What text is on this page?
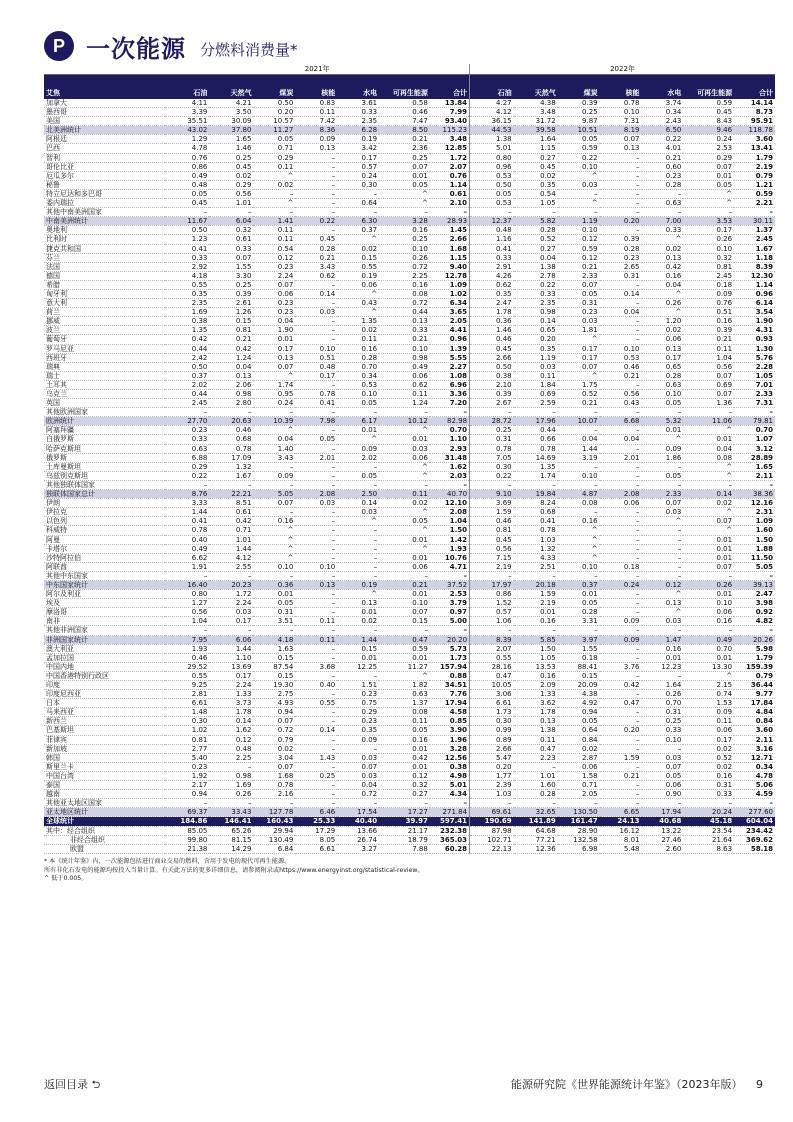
P 一次能源 分燃料消费量*
	2021年							2022年						
艾焦	石油	天然气	煤炭	核能	水电	可再生能源	合计	石油	天然气	煤炭	核能	水电	可再生能源	合计
加拿大	4.11	4.21	0.50	0.83	3.61	0.58	13.84	4.27	4.38	0.39	0.78	3.74	0.59	14.14
墨西哥	3.39	3.50	0.20	0.11	0.33	0.46	7.99	4.12	3.48	0.25	0.10	0.34	0.45	8.73
美国	35.51	30.09	10.57	7.42	2.35	7.47	93.40	36.15	31.72	9.87	7.31	2.43	8.43	95.91
北美洲统计	43.02	37.80	11.27	8.36	6.28	8.50	115.23	44.53	39.58	10.51	8.19	6.50	9.46	118.78
阿根廷	1.29	1.65	0.05	0.09	0.19	0.21	3.48	1.38	1.64	0.05	0.07	0.22	0.24	3.60
巴西	4.78	1.46	0.71	0.13	3.42	2.36	12.85	5.01	1.15	0.59	0.13	4.01	2.53	13.41
智利	0.76	0.25	0.29	–	0.17	0.25	1.72	0.80	0.27	0.22	–	0.21	0.29	1.79
哥伦比亚	0.86	0.45	0.11	–	0.57	0.07	2.07	0.96	0.45	0.10	–	0.60	0.07	2.19
厄瓜多尔	0.49	0.02	^	–	0.24	0.01	0.76	0.53	0.02	^	–	0.23	0.01	0.79
秘鲁	0.48	0.29	0.02	–	0.30	0.05	1.14	0.50	0.35	0.03	–	0.28	0.05	1.21
特立尼达和多巴哥	0.05	0.56	–	–	–	^	0.61	0.05	0.54	–	–	–	^	0.59
委内瑞拉	0.45	1.01	^	–	0.64	^	2.10	0.53	1.05	^	–	0.63	^	2.21
其他中南美洲国家	–	–	–	–	–	–	–	–	–	–	–	–	–	–
中南美洲统计	11.67	6.04	1.41	0.22	6.30	3.28	28.93	12.37	5.82	1.19	0.20	7.00	3.53	30.11
奥地利	0.50	0.32	0.11	–	0.37	0.16	1.45	0.48	0.28	0.10	–	0.33	0.17	1.37
比利时	1.23	0.61	0.11	0.45	^	0.25	2.66	1.16	0.52	0.12	0.39	^	0.26	2.45
捷克共和国	0.41	0.33	0.54	0.28	0.02	0.10	1.68	0.41	0.27	0.59	0.28	0.02	0.10	1.67
芬兰	0.33	0.07	0.12	0.21	0.15	0.26	1.15	0.33	0.04	0.12	0.23	0.13	0.32	1.18
法国	2.92	1.55	0.23	3.43	0.55	0.72	9.40	2.91	1.38	0.21	2.65	0.42	0.81	8.39
德国	4.18	3.30	2.24	0.62	0.19	2.25	12.78	4.26	2.78	2.33	0.31	0.16	2.45	12.30
希腊	0.55	0.25	0.07	–	0.06	0.16	1.09	0.62	0.22	0.07	–	0.04	0.18	1.14
匈牙利	0.35	0.39	0.06	0.14	^	0.08	1.02	0.35	0.33	0.05	0.14	^	0.09	0.96
意大利	2.35	2.61	0.23	–	0.43	0.72	6.34	2.47	2.35	0.31	–	0.26	0.76	6.14
荷兰	1.69	1.26	0.23	0.03	^	0.44	3.65	1.78	0.98	0.23	0.04	^	0.51	3.54
挪威	0.38	0.15	0.04	–	1.35	0.13	2.05	0.36	0.14	0.03	–	1.20	0.16	1.90
波兰	1.35	0.81	1.90	–	0.02	0.33	4.41	1.46	0.65	1.81	–	0.02	0.39	4.31
葡萄牙	0.42	0.21	0.01	–	0.11	0.21	0.96	0.46	0.20	^	–	0.06	0.21	0.93
罗马尼亚	0.44	0.42	0.17	0.10	0.16	0.10	1.39	0.45	0.35	0.17	0.10	0.13	0.11	1.30
西班牙	2.42	1.24	0.13	0.51	0.28	0.98	5.55	2.66	1.19	0.17	0.53	0.17	1.04	5.76
瑞典	0.50	0.04	0.07	0.48	0.70	0.49	2.27	0.50	0.03	0.07	0.46	0.65	0.56	2.28
瑞士	0.37	0.13	^	0.17	0.34	0.06	1.08	0.38	0.11	^	0.21	0.28	0.07	1.05
土耳其	2.02	2.06	1.74	–	0.53	0.62	6.96	2.10	1.84	1.75	–	0.63	0.69	7.01
乌克兰	0.44	0.98	0.95	0.78	0.10	0.11	3.36	0.39	0.69	0.52	0.56	0.10	0.07	2.33
英国	2.45	2.80	0.24	0.41	0.05	1.24	7.20	2.67	2.59	0.21	0.43	0.05	1.36	7.31
其他欧洲国家	–	–	–	–	–	–	–	–	–	–	–	–	–	–
欧洲统计	27.70	20.63	10.39	7.98	6.17	10.12	82.98	28.72	17.96	10.07	6.68	5.32	11.06	79.81
阿塞拜疆	0.23	0.46	^	–	0.01	^	0.70	0.25	0.44	–	–	0.01	^	0.70
白俄罗斯	0.33	0.68	0.04	0.05	^	0.01	1.10	0.31	0.66	0.04	0.04	^	0.01	1.07
哈萨克斯坦	0.63	0.78	1.40	–	0.09	0.03	2.93	0.78	0.78	1.44	–	0.09	0.04	3.12
俄罗斯	6.88	17.09	3.43	2.01	2.02	0.06	31.48	7.05	14.69	3.19	2.01	1.86	0.08	28.89
土库曼斯坦	0.29	1.32	–	–	–	^	1.62	0.30	1.35	–	–	–	^	1.65
乌兹别克斯坦	0.22	1.67	0.09	–	0.05	^	2.03	0.22	1.74	0.10	–	0.05	^	2.11
其他独联体国家	–	–	–	–	–	–	–	–	–	–	–	–	–	–
独联体国家总计	8.76	22.21	5.05	2.08	2.50	0.11	40.70	9.10	19.84	4.87	2.08	2.33	0.14	38.36
伊朗	3.33	8.51	0.07	0.03	0.14	0.02	12.10	3.69	8.24	0.08	0.06	0.07	0.02	12.16
伊拉克	1.44	0.61	–	–	0.03	^	2.08	1.59	0.68	–	–	0.03	^	2.31
以色列	0.41	0.42	0.16	–	^	0.05	1.04	0.46	0.41	0.16	–	^	0.07	1.09
科威特	0.78	0.71	^	–	–	^	1.50	0.81	0.78	^	–	–	^	1.60
阿曼	0.40	1.01	^	–	–	0.01	1.42	0.45	1.03	^	–	–	0.01	1.50
卡塔尔	0.49	1.44	^	–	–	^	1.93	0.56	1.32	^	–	–	0.01	1.88
沙特阿拉伯	6.62	4.12	^	–	–	0.01	10.76	7.15	4.33	^	–	–	0.01	11.50
阿联酋	1.91	2.55	0.10	0.10	–	0.06	4.71	2.19	2.51	0.10	0.18	–	0.07	5.05
其他中东国家	–	–	–	–	–	–	–	–	–	–	–	–	–	–
中东国家统计	16.40	20.23	0.36	0.13	0.19	0.21	37.52	17.97	20.18	0.37	0.24	0.12	0.26	39.13
阿尔及利亚	0.80	1.72	0.01	–	^	0.01	2.53	0.86	1.59	0.01	–	^	0.01	2.47
埃及	1.27	2.24	0.05	–	0.13	0.10	3.79	1.52	2.19	0.05	–	0.13	0.10	3.98
摩洛哥	0.56	0.03	0.31	–	0.01	0.07	0.97	0.57	0.01	0.28	–	^	0.06	0.92
南非	1.04	0.17	3.51	0.11	0.02	0.15	5.00	1.06	0.16	3.31	0.09	0.03	0.16	4.82
其他非洲国家	–	–	–	–	–	–	–	–	–	–	–	–	–	–
非洲国家统计	7.95	6.06	4.18	0.11	1.44	0.47	20.20	8.39	5.85	3.97	0.09	1.47	0.49	20.26
澳大利亚	1.93	1.44	1.63	–	0.15	0.59	5.73	2.07	1.50	1.55	–	0.16	0.70	5.98
孟加拉国	0.46	1.10	0.15	–	0.01	0.01	1.73	0.55	1.05	0.18	–	0.01	0.01	1.79
中国内地	29.52	13.69	87.54	3.68	12.25	11.27	157.94	28.16	13.53	88.41	3.76	12.23	13.30	159.39
中国香港特别行政区	0.55	0.17	0.15	–	–	^	0.88	0.47	0.16	0.15	–	–	^	0.79
印度	9.25	2.24	19.30	0.40	1.51	1.82	34.51	10.05	2.09	20.09	0.42	1.64	2.15	36.44
印度尼西亚	2.81	1.33	2.75	–	0.23	0.63	7.76	3.06	1.33	4.38	–	0.26	0.74	9.77
日本	6.61	3.73	4.93	0.55	0.75	1.37	17.94	6.61	3.62	4.92	0.47	0.70	1.53	17.84
马来西亚	1.48	1.78	0.94	–	0.29	0.08	4.58	1.73	1.78	0.94	–	0.31	0.09	4.84
新西兰	0.30	0.14	0.07	–	0.23	0.11	0.85	0.30	0.13	0.05	–	0.25	0.11	0.84
巴基斯坦	1.02	1.62	0.72	0.14	0.35	0.05	3.90	0.99	1.38	0.64	0.20	0.33	0.06	3.60
菲律宾	0.81	0.12	0.79	–	0.09	0.16	1.96	0.89	0.11	0.84	–	0.10	0.17	2.11
新加坡	2.77	0.48	0.02	–	–	0.01	3.28	2.66	0.47	0.02	–	–	0.02	3.16
韩国	5.40	2.25	3.04	1.43	0.03	0.42	12.56	5.47	2.23	2.87	1.59	0.03	0.52	12.71
斯里兰卡	0.23	–	0.07	–	0.07	0.01	0.38	0.20	–	0.06	–	0.07	0.02	0.34
中国台湾	1.92	0.98	1.68	0.25	0.03	0.12	4.98	1.77	1.01	1.58	0.21	0.05	0.16	4.78
泰国	2.17	1.69	0.78	–	0.04	0.32	5.01	2.39	1.60	0.71	–	0.06	0.31	5.06
越南	0.94	0.26	2.16	–	0.72	0.27	4.34	1.03	0.28	2.05	–	0.90	0.33	4.59
其他亚太地区国家	–	–	–	–	–	–	–	–	–	–	–	–	–	–
亚太地区统计	69.37	33.43	127.78	6.46	17.54	17.27	271.84	69.61	32.65	130.50	6.65	17.94	20.24	277.60
全球统计	184.86	146.41	160.43	25.33	40.40	39.97	597.41	190.69	141.89	161.47	24.13	40.68	45.18	604.04
其中：经合组织	85.05	65.26	29.94	17.29	13.66	21.17	232.38	87.98	64.68	28.90	16.12	13.22	23.54	234.42
非经合组织	99.80	81.15	130.49	8.05	26.74	18.79	365.03	102.71	77.21	132.58	8.01	27.46	21.64	369.62
欧盟	21.38	14.29	6.84	6.61	3.27	7.88	60.28	22.13	12.36	6.98	5.48	2.60	8.63	58.18
* 本《统计年鉴》内，一次能源包括进行商业交易的燃料，含用于发电的现代可再生能源。
所有非化石发电的能源均按投入当量计算。有关此方法的更多详细信息，请参阅附录或https://www.energyinst.org/statistical-review。
^ 低于0.005。
返回目录 ⮌	能源研究院《世界能源统计年鉴》（2023年版） 9
